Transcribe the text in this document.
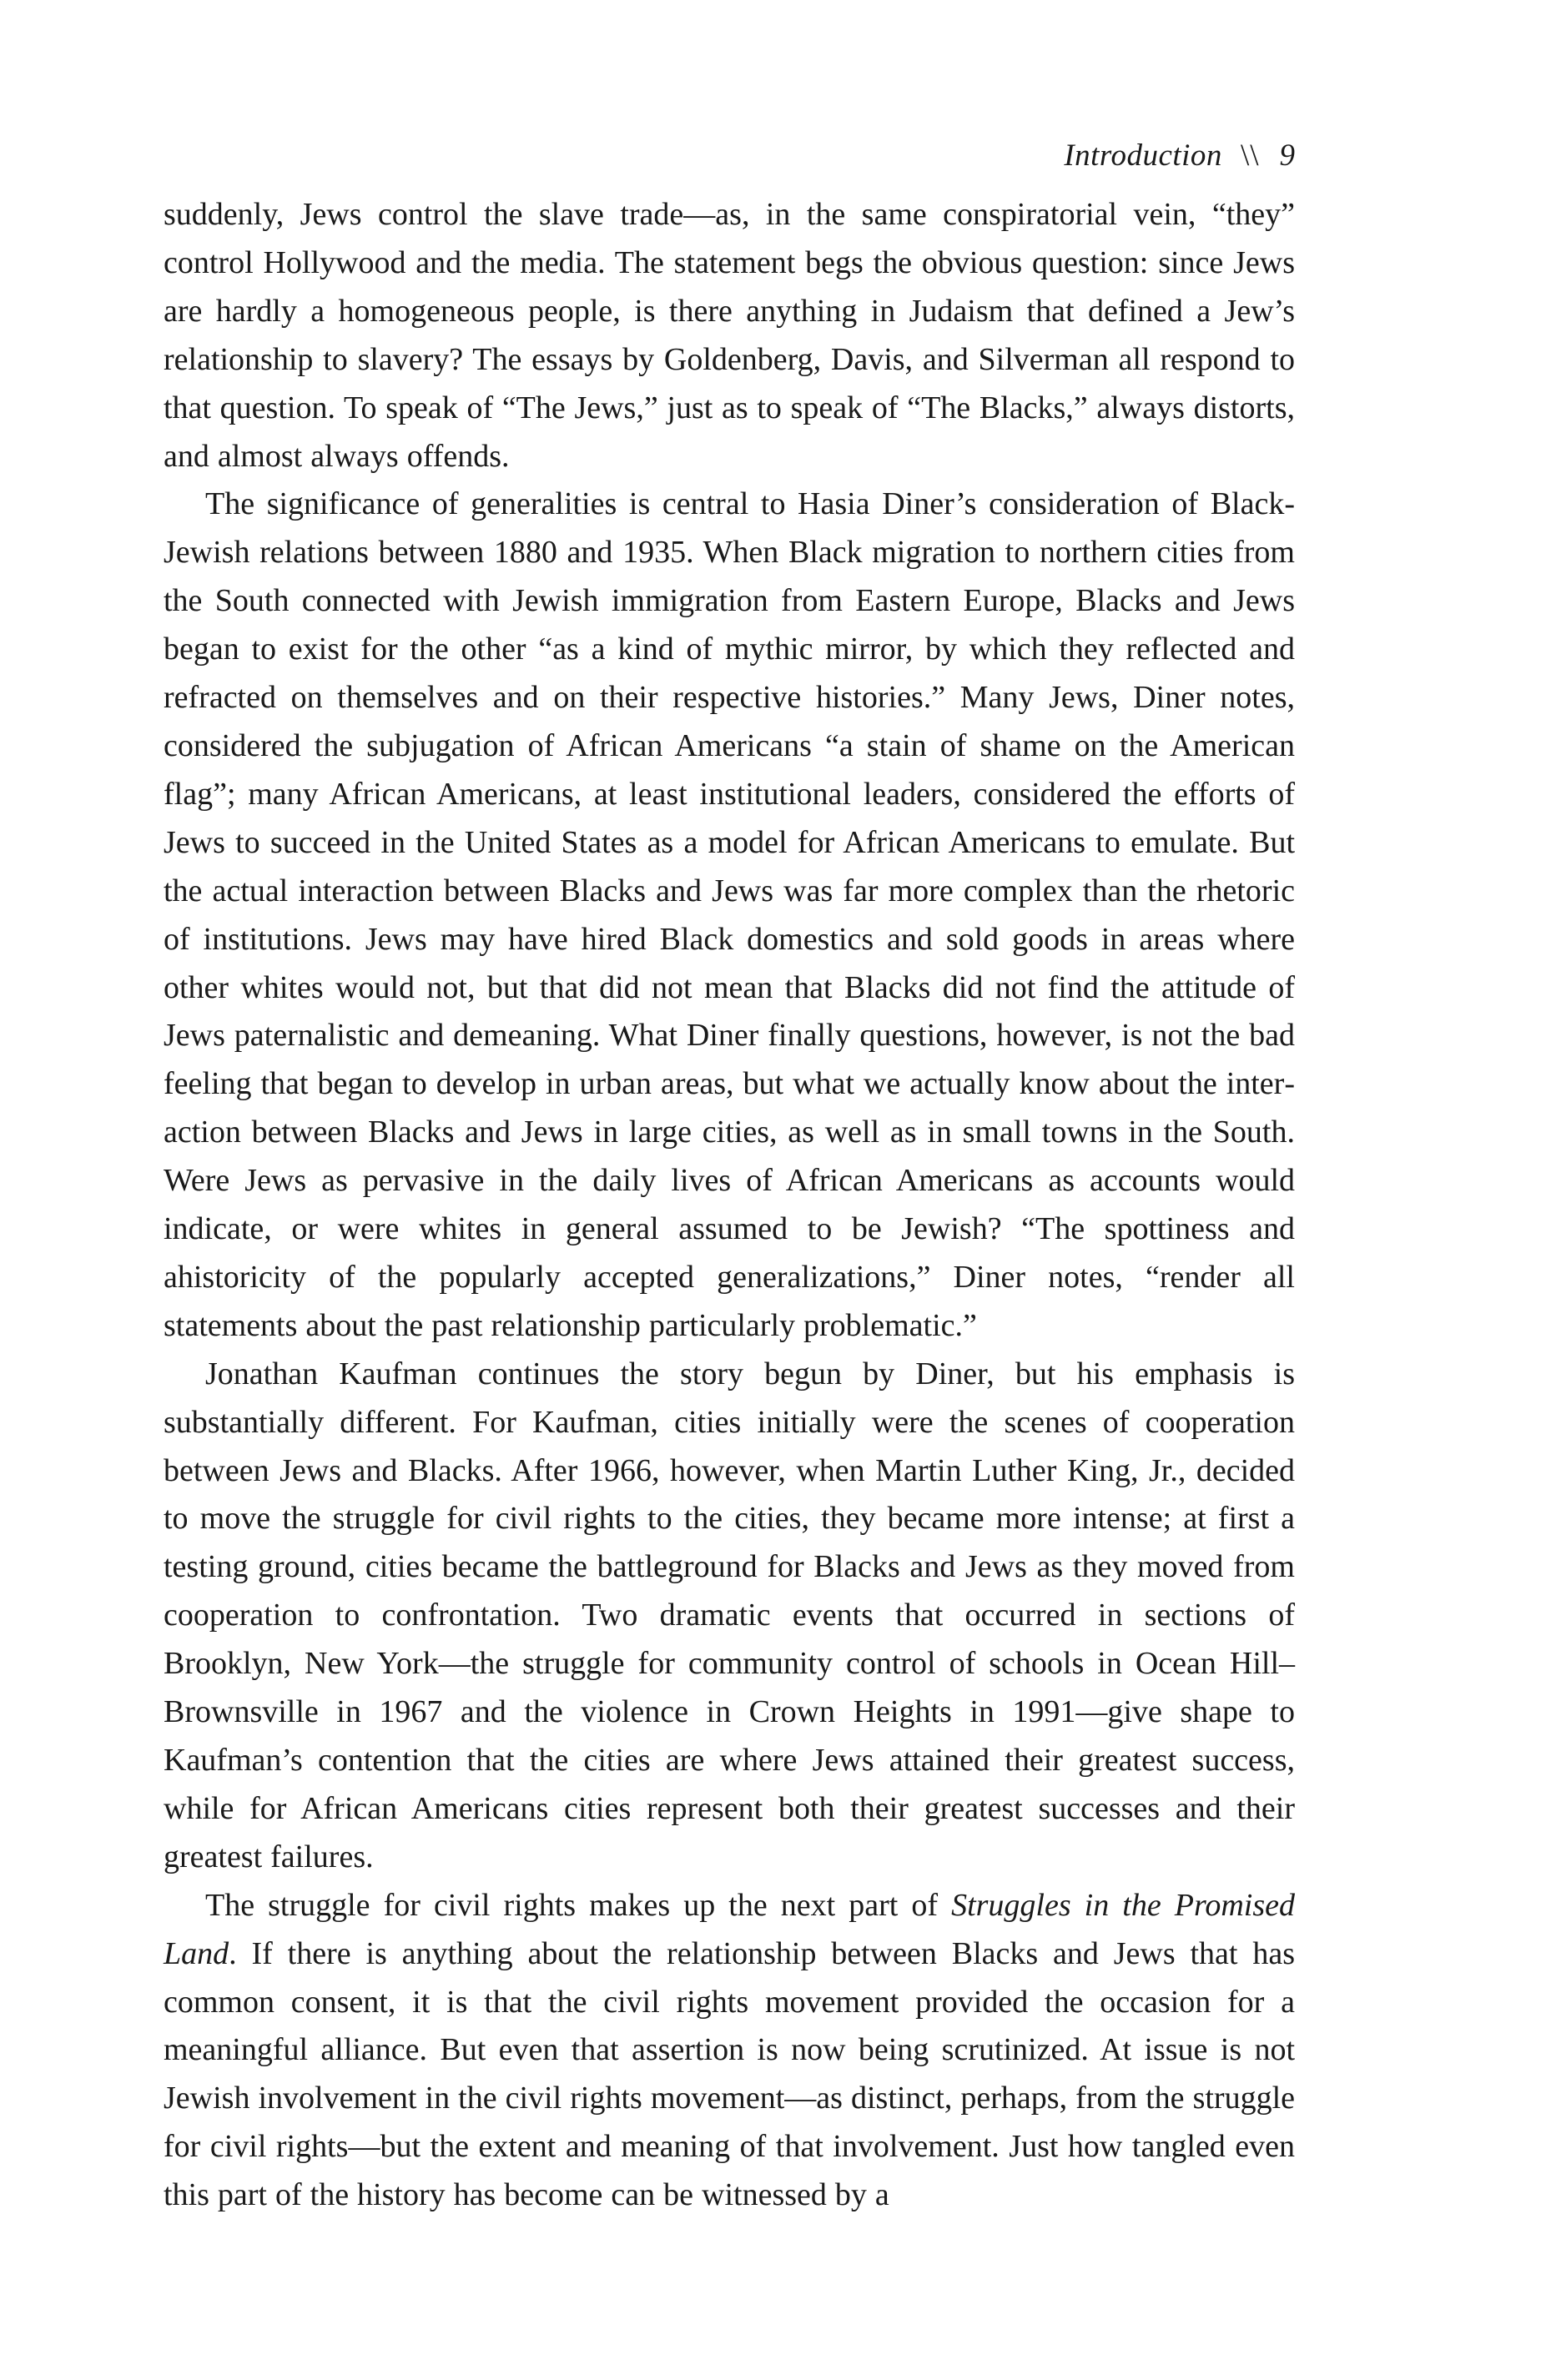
Introduction \\ 9

suddenly, Jews control the slave trade—as, in the same conspiratorial vein, “they” control Hollywood and the media. The statement begs the obvious question: since Jews are hardly a homogeneous people, is there anything in Judaism that defined a Jew’s relationship to slavery? The essays by Goldenberg, Davis, and Silverman all respond to that question. To speak of “The Jews,” just as to speak of “The Blacks,” always distorts, and almost always offends.

The significance of generalities is central to Hasia Diner’s consideration of Black-Jewish relations between 1880 and 1935. When Black migration to northern cities from the South connected with Jewish immigration from Eastern Europe, Blacks and Jews began to exist for the other “as a kind of mythic mirror, by which they reflected and refracted on themselves and on their respective histories.” Many Jews, Diner notes, considered the subjugation of African Americans “a stain of shame on the American flag”; many African Americans, at least institutional leaders, considered the efforts of Jews to succeed in the United States as a model for African Americans to emulate. But the actual interaction between Blacks and Jews was far more complex than the rhetoric of institutions. Jews may have hired Black domestics and sold goods in areas where other whites would not, but that did not mean that Blacks did not find the attitude of Jews paternalistic and demeaning. What Diner finally questions, however, is not the bad feeling that began to develop in urban areas, but what we actually know about the interaction between Blacks and Jews in large cities, as well as in small towns in the South. Were Jews as pervasive in the daily lives of African Americans as accounts would indicate, or were whites in general assumed to be Jewish? “The spottiness and ahistoricity of the popularly accepted generalizations,” Diner notes, “render all statements about the past relationship particularly problematic.”

Jonathan Kaufman continues the story begun by Diner, but his emphasis is substantially different. For Kaufman, cities initially were the scenes of cooperation between Jews and Blacks. After 1966, however, when Martin Luther King, Jr., decided to move the struggle for civil rights to the cities, they became more intense; at first a testing ground, cities became the battleground for Blacks and Jews as they moved from cooperation to confrontation. Two dramatic events that occurred in sections of Brooklyn, New York—the struggle for community control of schools in Ocean Hill–Brownsville in 1967 and the violence in Crown Heights in 1991—give shape to Kaufman’s contention that the cities are where Jews attained their greatest success, while for African Americans cities represent both their greatest successes and their greatest failures.

The struggle for civil rights makes up the next part of Struggles in the Promised Land. If there is anything about the relationship between Blacks and Jews that has common consent, it is that the civil rights movement provided the occasion for a meaningful alliance. But even that assertion is now being scrutinized. At issue is not Jewish involvement in the civil rights movement—as distinct, perhaps, from the struggle for civil rights—but the extent and meaning of that involvement. Just how tangled even this part of the history has become can be witnessed by a
